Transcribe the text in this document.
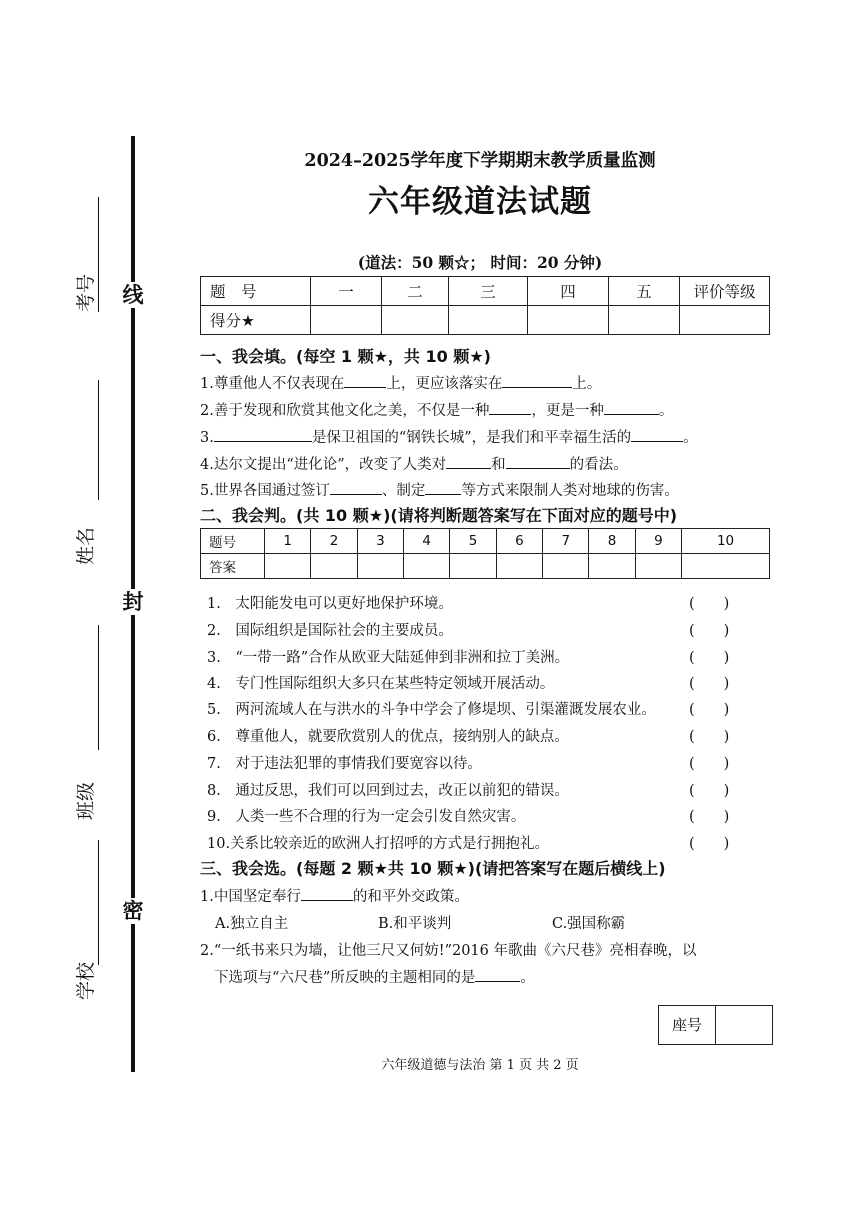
线
封
密
考号
姓名
班级
学校
2024–2025学年度下学期期末教学质量监测
六年级道法试题
(道法：50 颗☆； 时间：20 分钟)
题　号	一	二	三	四	五	评价等级
得分★						
一、我会填。(每空 1 颗★，共 10 颗★)
1.尊重他人不仅表现在	上，更应该落实在	上。
2.善于发现和欣赏其他文化之美，不仅是一种	，更是一种	。
3.	是保卫祖国的“钢铁长城”，是我们和平幸福生活的	。
4.达尔文提出“进化论”，改变了人类对	和	的看法。
5.世界各国通过签订	、制定 等方式来限制人类对地球的伤害。
二、我会判。(共 10 颗★)(请将判断题答案写在下面对应的题号中)
题号	1	2	3	4	5	6	7	8	9	10
答案										
1.　太阳能发电可以更好地保护环境。	(　　)
2.　国际组织是国际社会的主要成员。	(　　)
3.　“一带一路”合作从欧亚大陆延伸到非洲和拉丁美洲。	(　　)
4.　专门性国际组织大多只在某些特定领域开展活动。	(　　)
5.　两河流域人在与洪水的斗争中学会了修堤坝、引渠灌溉发展农业。 (　　)
6.　尊重他人，就要欣赏别人的优点，接纳别人的缺点。	(　　)
7.　对于违法犯罪的事情我们要宽容以待。	(　　)
8.　通过反思，我们可以回到过去，改正以前犯的错误。	(　　)
9.　人类一些不合理的行为一定会引发自然灾害。	(　　)
10.关系比较亲近的欧洲人打招呼的方式是行拥抱礼。	(　　)
三、我会选。(每题 2 颗★共 10 颗★)(请把答案写在题后横线上)
1.中国坚定奉行	的和平外交政策。
A.独立自主	B.和平谈判	C.强国称霸
2.“一纸书来只为墙，让他三尺又何妨!”2016 年歌曲《六尺巷》亮相春晚，以
下选项与“六尺巷”所反映的主题相同的是	。
座号
六年级道德与法治 第 1 页 共 2 页
